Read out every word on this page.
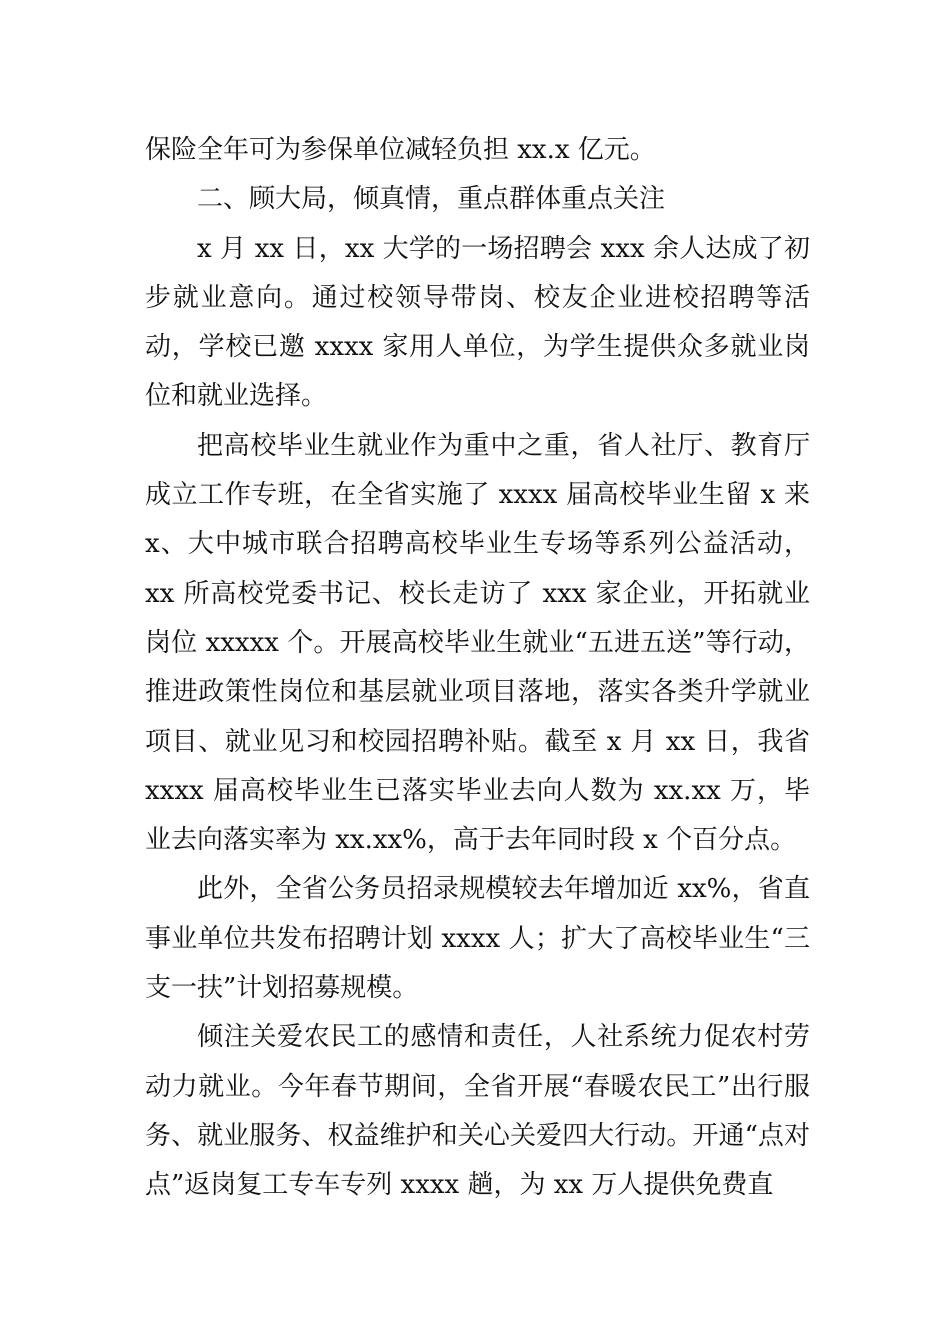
保险全年可为参保单位减轻负担 xx.x 亿元。

二、顾大局，倾真情，重点群体重点关注

x 月 xx 日，xx 大学的一场招聘会 xxx 余人达成了初步就业意向。通过校领导带岗、校友企业进校招聘等活动，学校已邀 xxxx 家用人单位，为学生提供众多就业岗位和就业选择。

把高校毕业生就业作为重中之重，省人社厅、教育厅成立工作专班，在全省实施了 xxxx 届高校毕业生留 x 来 x、大中城市联合招聘高校毕业生专场等系列公益活动，xx 所高校党委书记、校长走访了 xxx 家企业，开拓就业岗位 xxxxx 个。开展高校毕业生就业“五进五送”等行动，推进政策性岗位和基层就业项目落地，落实各类升学就业项目、就业见习和校园招聘补贴。截至 x 月 xx 日，我省 xxxx 届高校毕业生已落实毕业去向人数为 xx.xx 万，毕业去向落实率为 xx.xx%，高于去年同时段 x 个百分点。

此外，全省公务员招录规模较去年增加近 xx%，省直事业单位共发布招聘计划 xxxx 人；扩大了高校毕业生“三支一扶”计划招募规模。

倾注关爱农民工的感情和责任，人社系统力促农村劳动力就业。今年春节期间，全省开展“春暖农民工”出行服务、就业服务、权益维护和关心关爱四大行动。开通“点对点”返岗复工专车专列 xxxx 趟，为 xx 万人提供免费直
